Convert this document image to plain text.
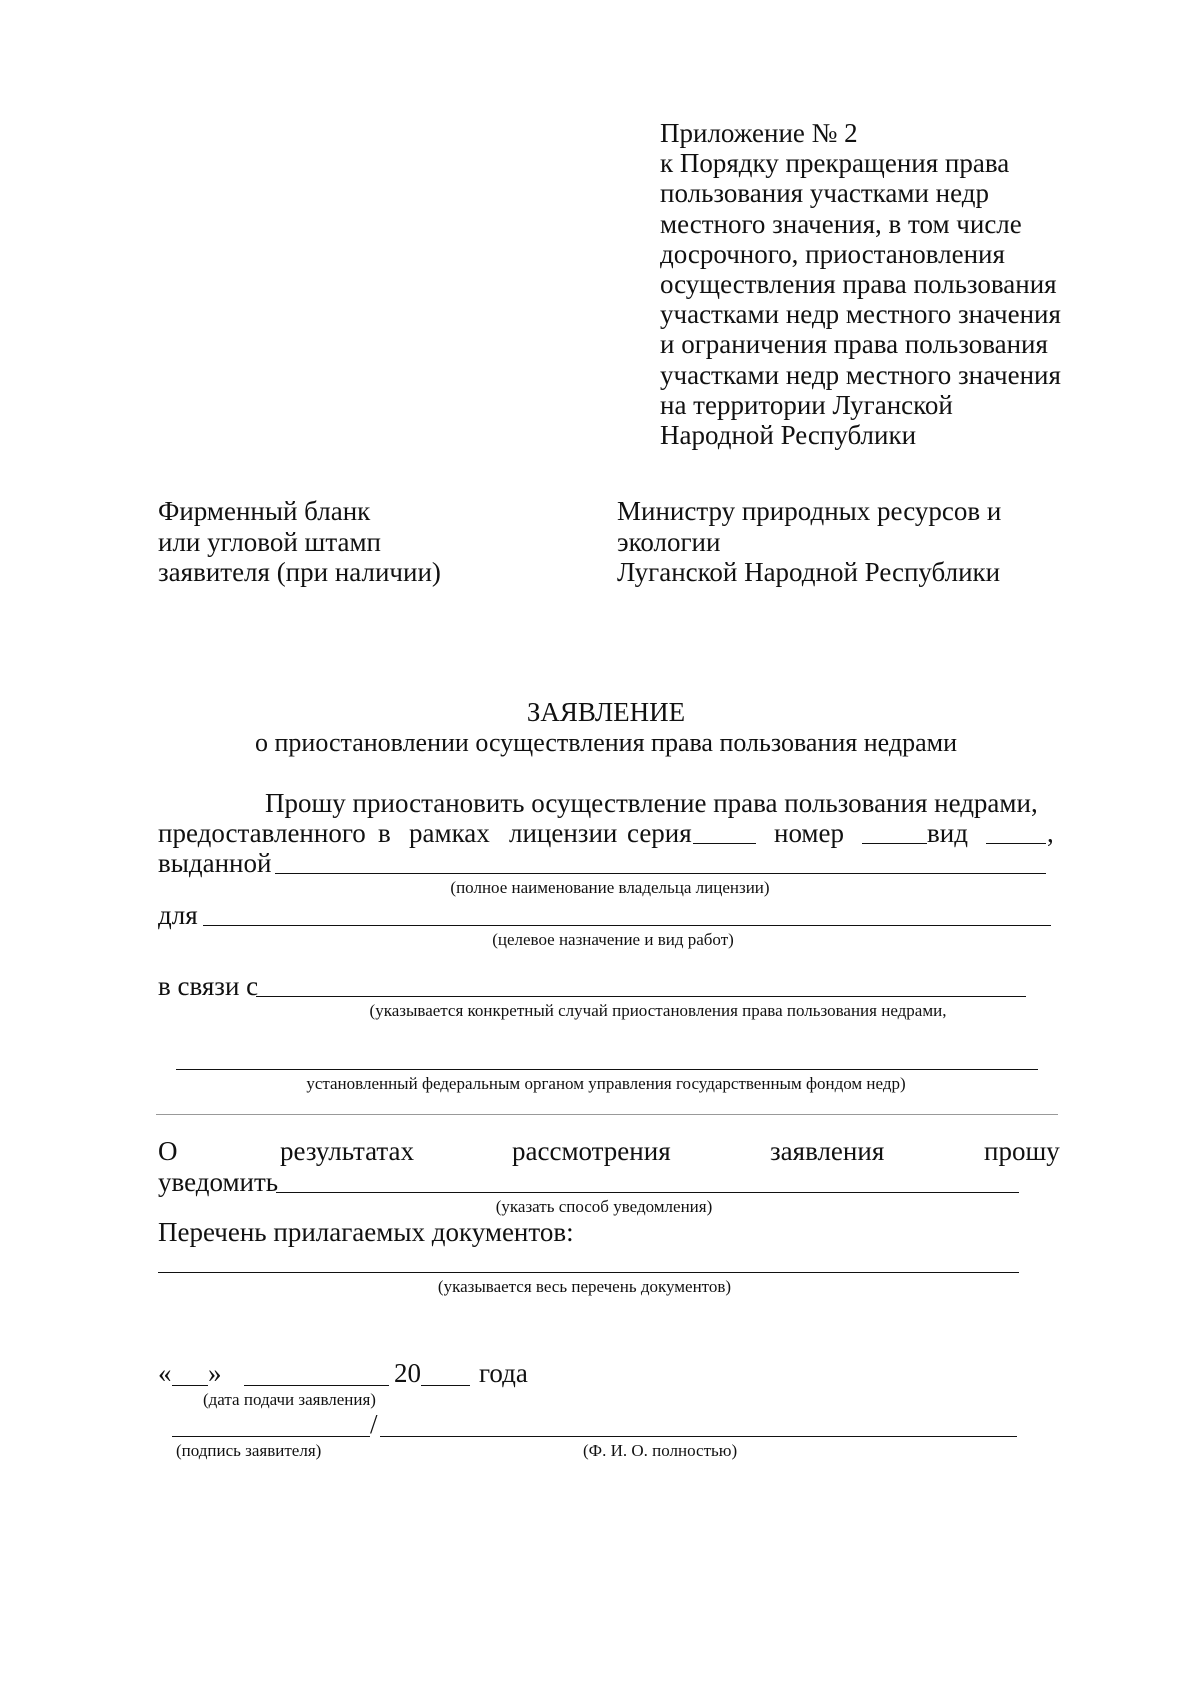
Приложение № 2
к Порядку прекращения права
пользования участками недр
местного значения, в том числе
досрочного, приостановления
осуществления права пользования
участками недр местного значения
и ограничения права пользования
участками недр местного значения
на территории Луганской
Народной Республики
Фирменный бланк
или угловой штамп
заявителя (при наличии)
Министру природных ресурсов и
экологии
Луганской Народной Республики
ЗАЯВЛЕНИЕ
о приостановлении осуществления права пользования недрами
Прошу приостановить осуществление права пользования недрами,
предоставленного в рамках лицензии серия	номер	вид	,
выданной
(полное наименование владельца лицензии)
для
(целевое назначение и вид работ)
в связи с
(указывается конкретный случай приостановления права пользования недрами,
установленный федеральным органом управления государственным фондом недр)
О	результатах	рассмотрения	заявления	прошу
уведомить
(указать способ уведомления)
Перечень прилагаемых документов:
(указывается весь перечень документов)
« »	20 года
(дата подачи заявления)
/
(подпись заявителя)	(Ф. И. О. полностью)
